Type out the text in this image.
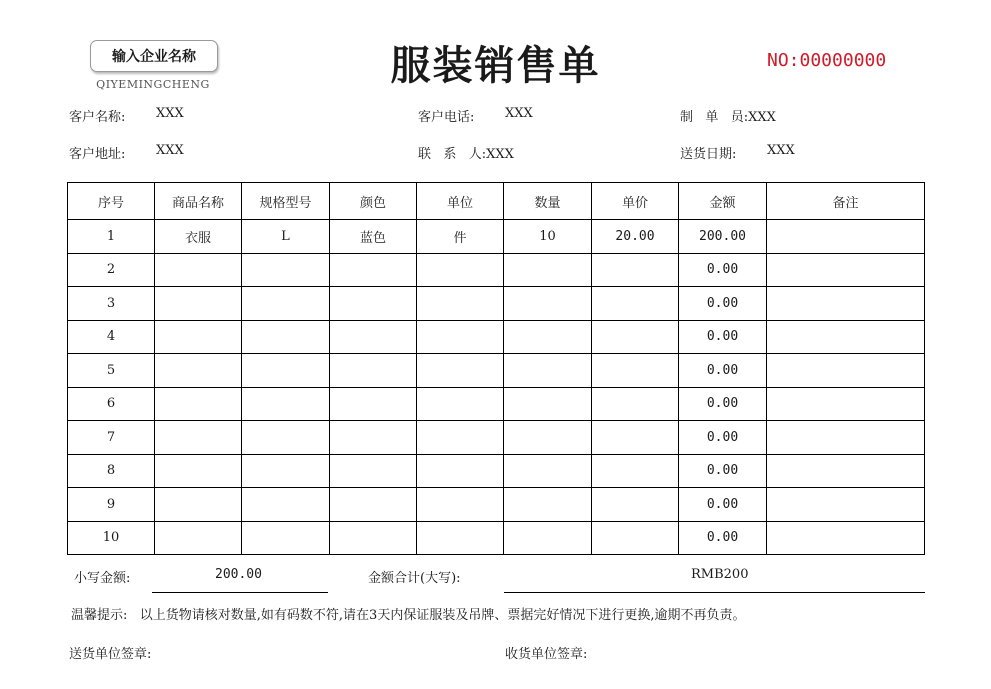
输入企业名称
QIYEMINGCHENG	服装销售单	NO:00000000
客户名称: XXX	客户电话: XXX	制   单   员:XXX
客户地址: XXX	联   系   人:XXX	送货日期: XXX
序号	商品名称	规格型号	颜色	单位	数量	单价	金额	备注
1	衣服	L	蓝色	件	10	20.00	200.00	
2							0.00	
3							0.00	
4							0.00	
5							0.00	
6							0.00	
7							0.00	
8							0.00	
9							0.00	
10							0.00	
小写金额:	200.00	金额合计(大写):	RMB200
温馨提示:   以上货物请核对数量,如有码数不符,请在3天内保证服装及吊牌、票据完好情况下进行更换,逾期不再负责。
送货单位签章:	收货单位签章:
